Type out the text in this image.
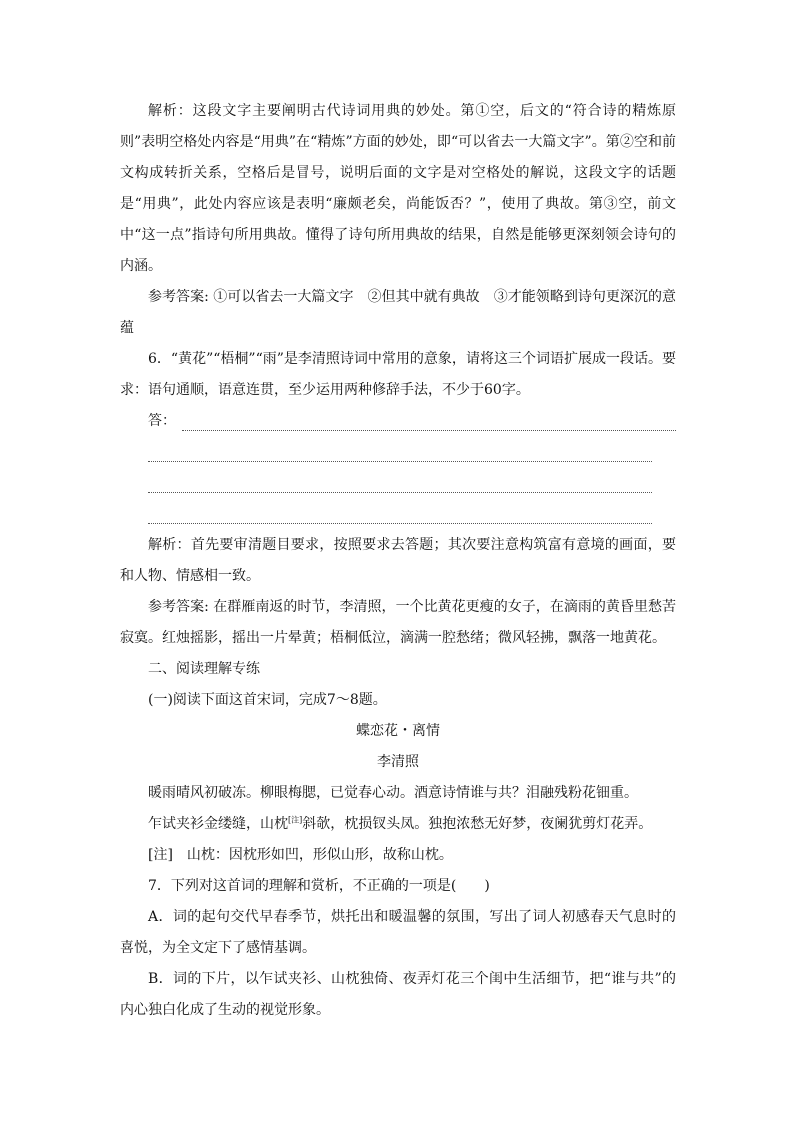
解析：这段文字主要阐明古代诗词用典的妙处。第①空，后文的“符合诗的精炼原则”表明空格处内容是“用典”在“精炼”方面的妙处，即“可以省去一大篇文字”。第②空和前文构成转折关系，空格后是冒号，说明后面的文字是对空格处的解说，这段文字的话题是“用典”，此处内容应该是表明“廉颇老矣，尚能饭否？”，使用了典故。第③空，前文中“这一点”指诗句所用典故。懂得了诗句所用典故的结果，自然是能够更深刻领会诗句的内涵。

参考答案: ①可以省去一大篇文字　②但其中就有典故　③才能领略到诗句更深沉的意蕴

6．“黄花”“梧桐”“雨”是李清照诗词中常用的意象，请将这三个词语扩展成一段话。要求：语句通顺，语意连贯，至少运用两种修辞手法，不少于60字。

答：

解析：首先要审清题目要求，按照要求去答题；其次要注意构筑富有意境的画面，要和人物、情感相一致。

参考答案: 在群雁南返的时节，李清照，一个比黄花更瘦的女子，在滴雨的黄昏里愁苦寂寞。红烛摇影，摇出一片晕黄；梧桐低泣，滴满一腔愁绪；微风轻拂，飘落一地黄花。

二、阅读理解专练

(一)阅读下面这首宋词，完成7～8题。

蝶恋花・离情

李清照

暖雨晴风初破冻。柳眼梅腮，已觉春心动。酒意诗情谁与共？泪融残粉花钿重。

乍试夹衫金缕缝，山枕[注]斜欹，枕损钗头凤。独抱浓愁无好梦，夜阑犹剪灯花弄。

[注]　山枕：因枕形如凹，形似山形，故称山枕。

7．下列对这首词的理解和赏析，不正确的一项是(　　)

A．词的起句交代早春季节，烘托出和暖温馨的氛围，写出了词人初感春天气息时的喜悦，为全文定下了感情基调。

B．词的下片，以乍试夹衫、山枕独倚、夜弄灯花三个闺中生活细节，把“谁与共”的内心独白化成了生动的视觉形象。
